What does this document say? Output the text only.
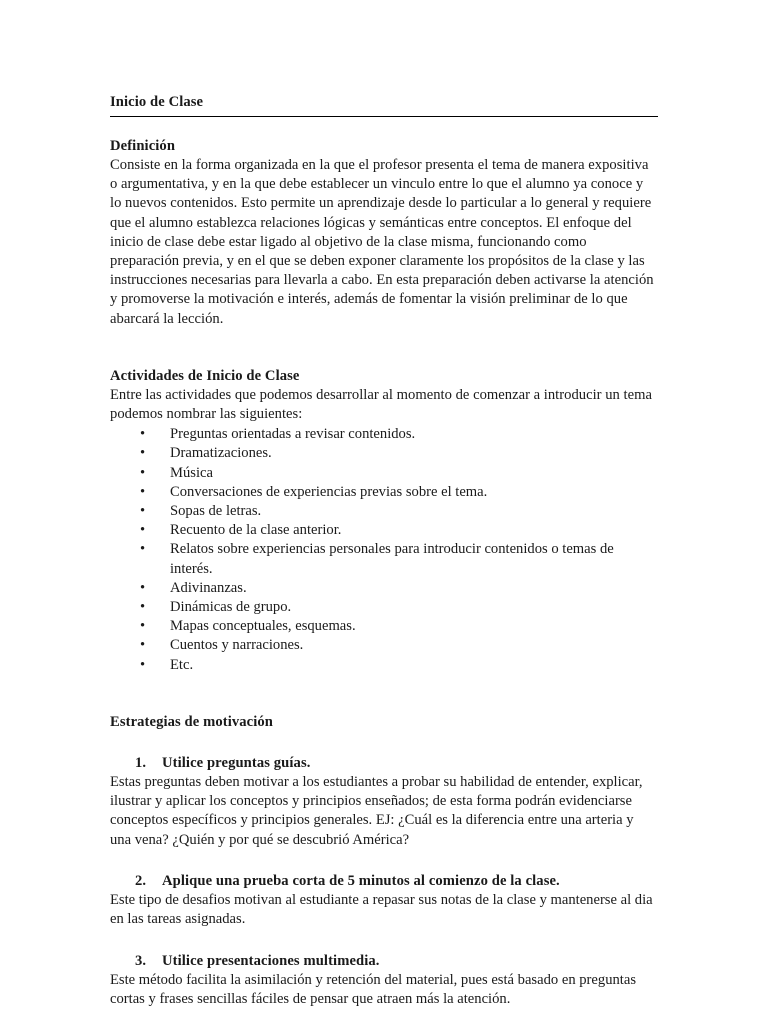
Inicio de Clase
Definición
Consiste en la forma organizada en la que el profesor presenta el tema de manera expositiva o argumentativa, y en la que debe establecer un vinculo entre lo que el alumno ya conoce y lo nuevos contenidos. Esto permite un aprendizaje desde lo particular a lo general y requiere que el alumno establezca relaciones lógicas y semánticas entre conceptos. El enfoque del inicio de clase debe estar ligado al objetivo de la clase misma, funcionando como preparación previa, y en el que se deben exponer claramente los propósitos de la clase y las instrucciones necesarias para llevarla a cabo. En esta preparación deben activarse la atención y promoverse la motivación e interés, además de fomentar la visión preliminar de lo que abarcará la lección.
Actividades de Inicio de Clase
Entre las actividades que podemos desarrollar al momento de comenzar a introducir un tema podemos nombrar las siguientes:
•	Preguntas orientadas a revisar contenidos.
•	Dramatizaciones.
•	Música
•	Conversaciones de experiencias previas sobre el tema.
•	Sopas de letras.
•	Recuento de la clase anterior.
•	Relatos sobre experiencias personales para introducir contenidos o temas de interés.
•	Adivinanzas.
•	Dinámicas de grupo.
•	Mapas conceptuales, esquemas.
•	Cuentos y narraciones.
•	Etc.
Estrategias de motivación
1. Utilice preguntas guías.
Estas preguntas deben motivar a los estudiantes a probar su habilidad de entender, explicar, ilustrar y aplicar los conceptos y principios enseñados; de esta forma podrán evidenciarse conceptos específicos y principios generales. EJ: ¿Cuál es la diferencia entre una arteria y una vena? ¿Quién y por qué se descubrió América?
2. Aplique una prueba corta de 5 minutos al comienzo de la clase.
Este tipo de desafios motivan al estudiante a repasar sus notas de la clase y mantenerse al dia en las tareas asignadas.
3. Utilice presentaciones multimedia.
Este método facilita la asimilación y retención del material, pues está basado en preguntas cortas y frases sencillas fáciles de pensar que atraen más la atención.
